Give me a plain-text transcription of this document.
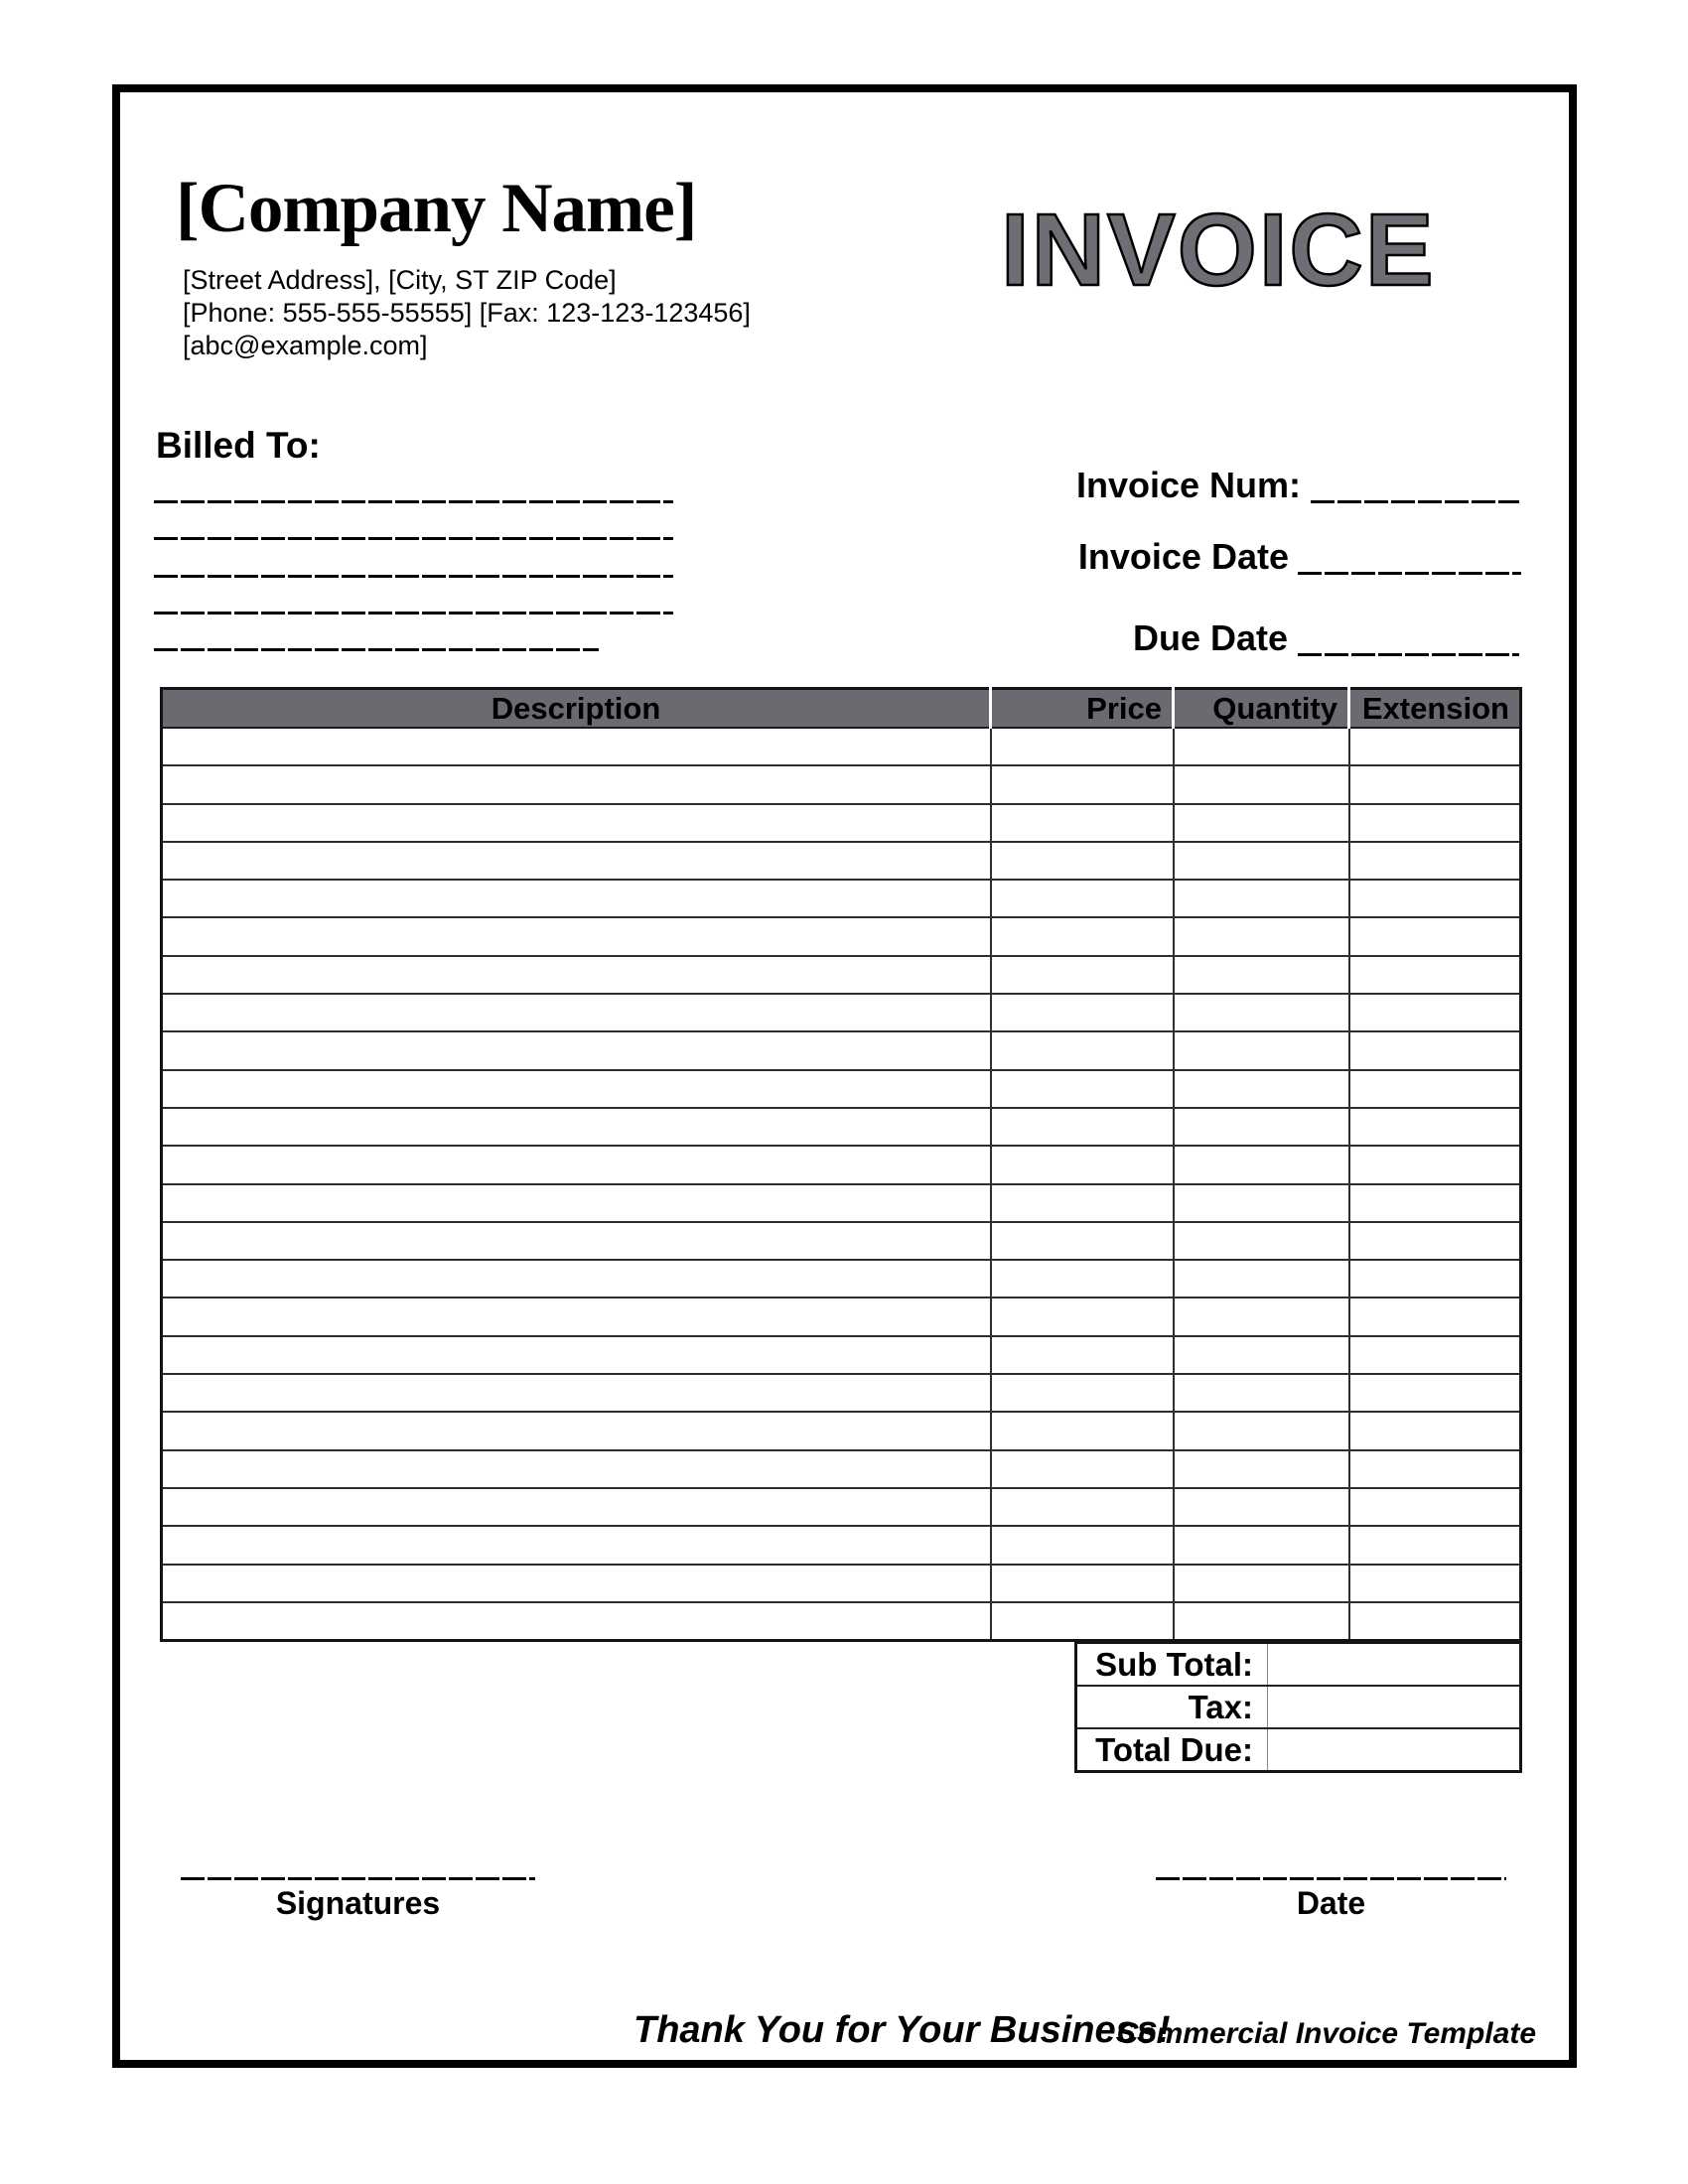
[Company Name]
[Street Address], [City, ST ZIP Code]
[Phone: 555-555-55555] [Fax: 123-123-123456]
[abc@example.com]
INVOICE
Billed To:
Invoice Num:
Invoice Date
Due Date
Description	Price	Quantity	Extension

Sub Total:	
Tax:	
Total Due:	
Signatures	Date
Thank You for Your Business!
Commercial Invoice Template
